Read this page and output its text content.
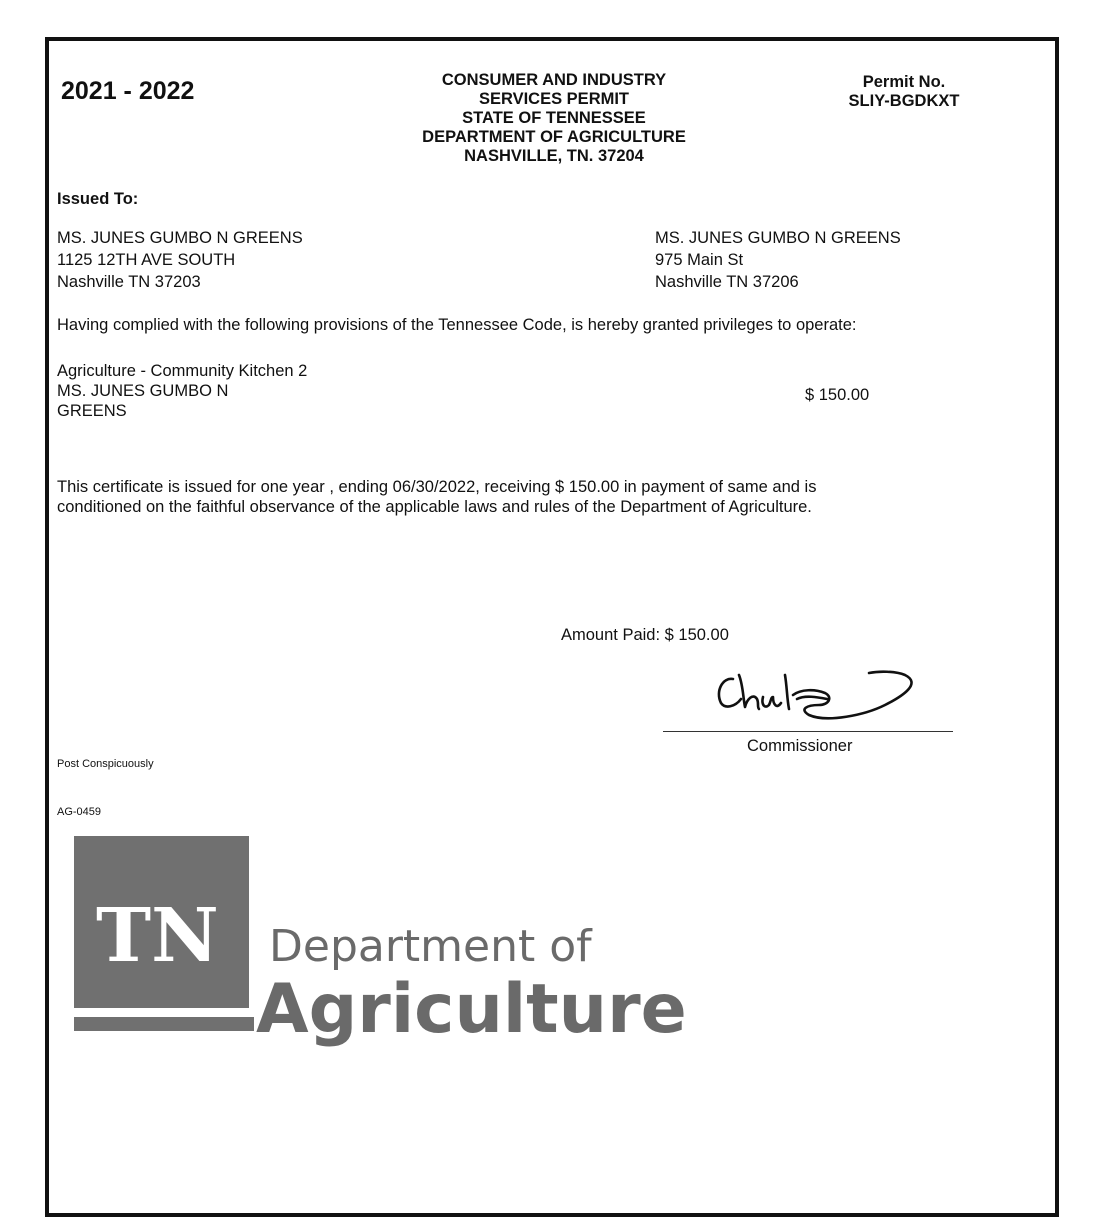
2021 - 2022	CONSUMER AND INDUSTRY
SERVICES PERMIT
STATE OF TENNESSEE
DEPARTMENT OF AGRICULTURE
NASHVILLE, TN. 37204
Permit No.
SLIY-BGDKXT
Issued To:
MS. JUNES GUMBO N GREENS
1125 12TH AVE SOUTH
Nashville TN 37203
MS. JUNES GUMBO N GREENS
975 Main St
Nashville TN 37206
Having complied with the following provisions of the Tennessee Code, is hereby granted privileges to operate:
Agriculture - Community Kitchen 2
MS. JUNES GUMBO N
GREENS
$ 150.00
This certificate is issued for one year , ending 06/30/2022, receiving $ 150.00 in payment of same and is
conditioned on the faithful observance of the applicable laws and rules of the Department of Agriculture.
Amount Paid: $ 150.00
Commissioner
Post Conspicuously
AG-0459
TN Department of
Agriculture
